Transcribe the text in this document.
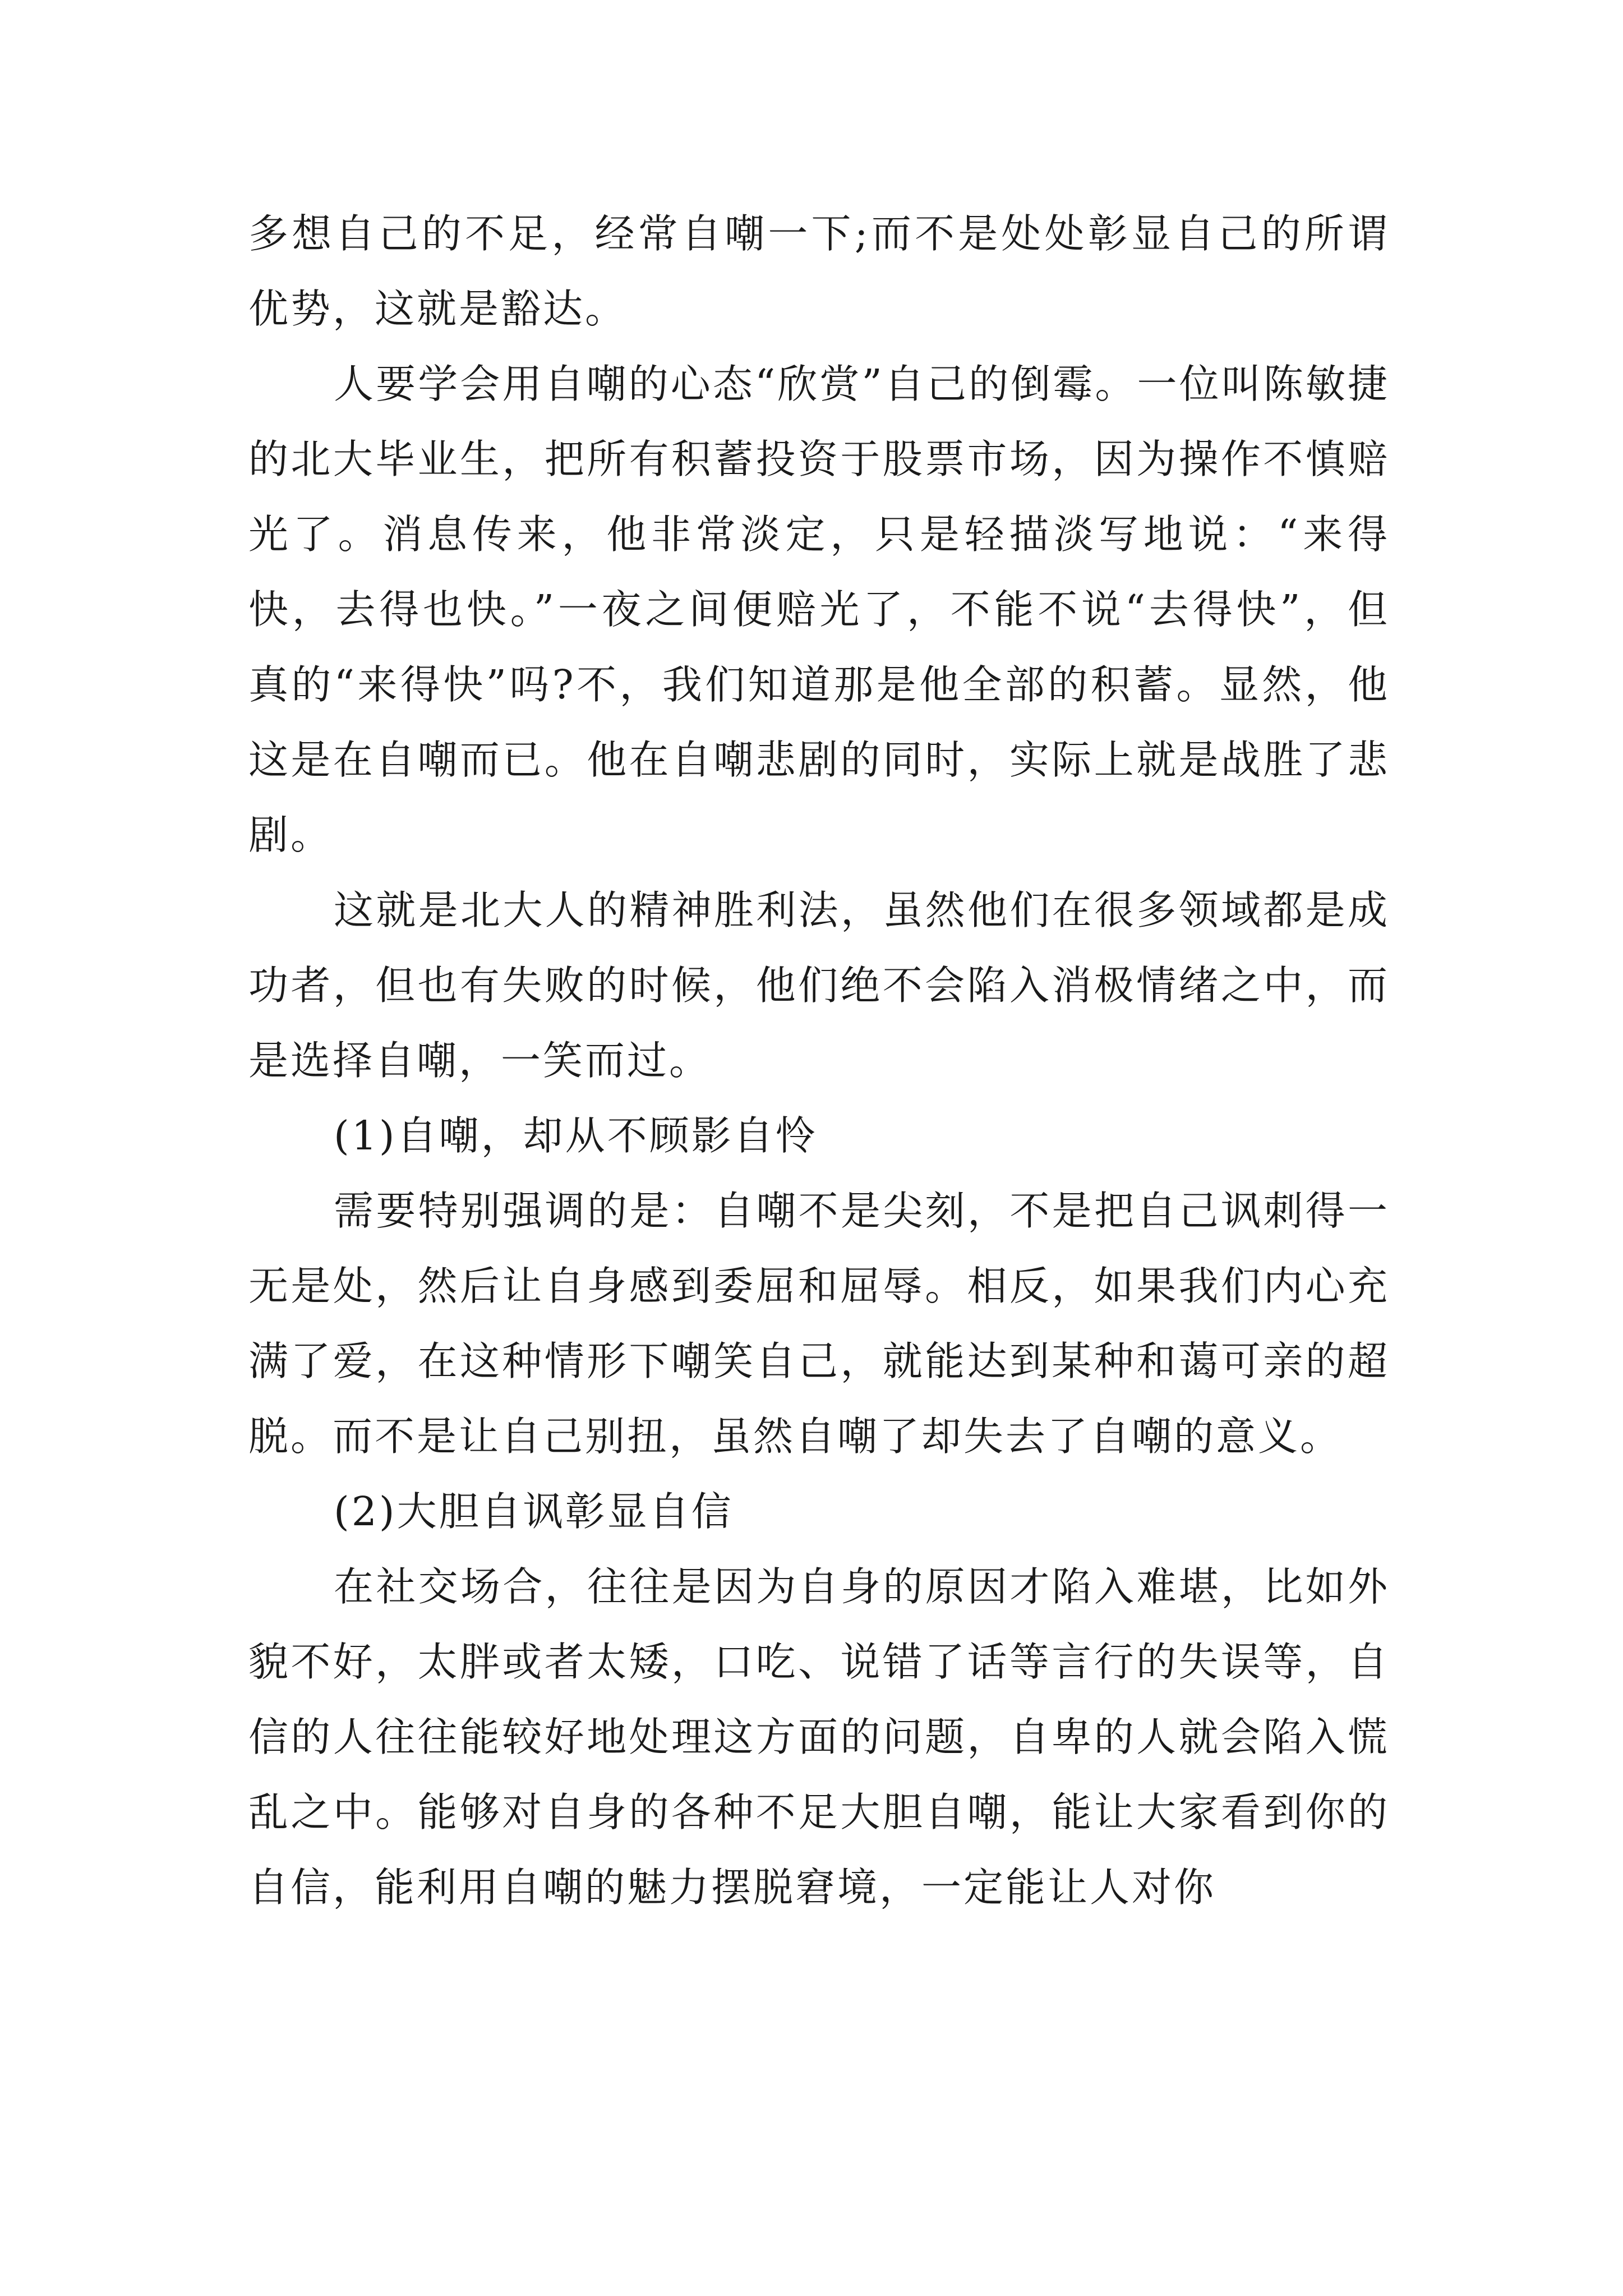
多想自己的不足，经常自嘲一下;而不是处处彰显自己的所谓优势，这就是豁达。

人要学会用自嘲的心态“欣赏”自己的倒霉。一位叫陈敏捷的北大毕业生，把所有积蓄投资于股票市场，因为操作不慎赔光了。消息传来，他非常淡定，只是轻描淡写地说：“来得快，去得也快。”一夜之间便赔光了，不能不说“去得快”，但真的“来得快”吗?不，我们知道那是他全部的积蓄。显然，他这是在自嘲而已。他在自嘲悲剧的同时，实际上就是战胜了悲剧。

这就是北大人的精神胜利法，虽然他们在很多领域都是成功者，但也有失败的时候，他们绝不会陷入消极情绪之中，而是选择自嘲，一笑而过。

(1)自嘲，却从不顾影自怜

需要特别强调的是：自嘲不是尖刻，不是把自己讽刺得一无是处，然后让自身感到委屈和屈辱。相反，如果我们内心充满了爱，在这种情形下嘲笑自己，就能达到某种和蔼可亲的超脱。而不是让自己别扭，虽然自嘲了却失去了自嘲的意义。

(2)大胆自讽彰显自信

在社交场合，往往是因为自身的原因才陷入难堪，比如外貌不好，太胖或者太矮，口吃、说错了话等言行的失误等，自信的人往往能较好地处理这方面的问题，自卑的人就会陷入慌乱之中。能够对自身的各种不足大胆自嘲，能让大家看到你的自信，能利用自嘲的魅力摆脱窘境，一定能让人对你
